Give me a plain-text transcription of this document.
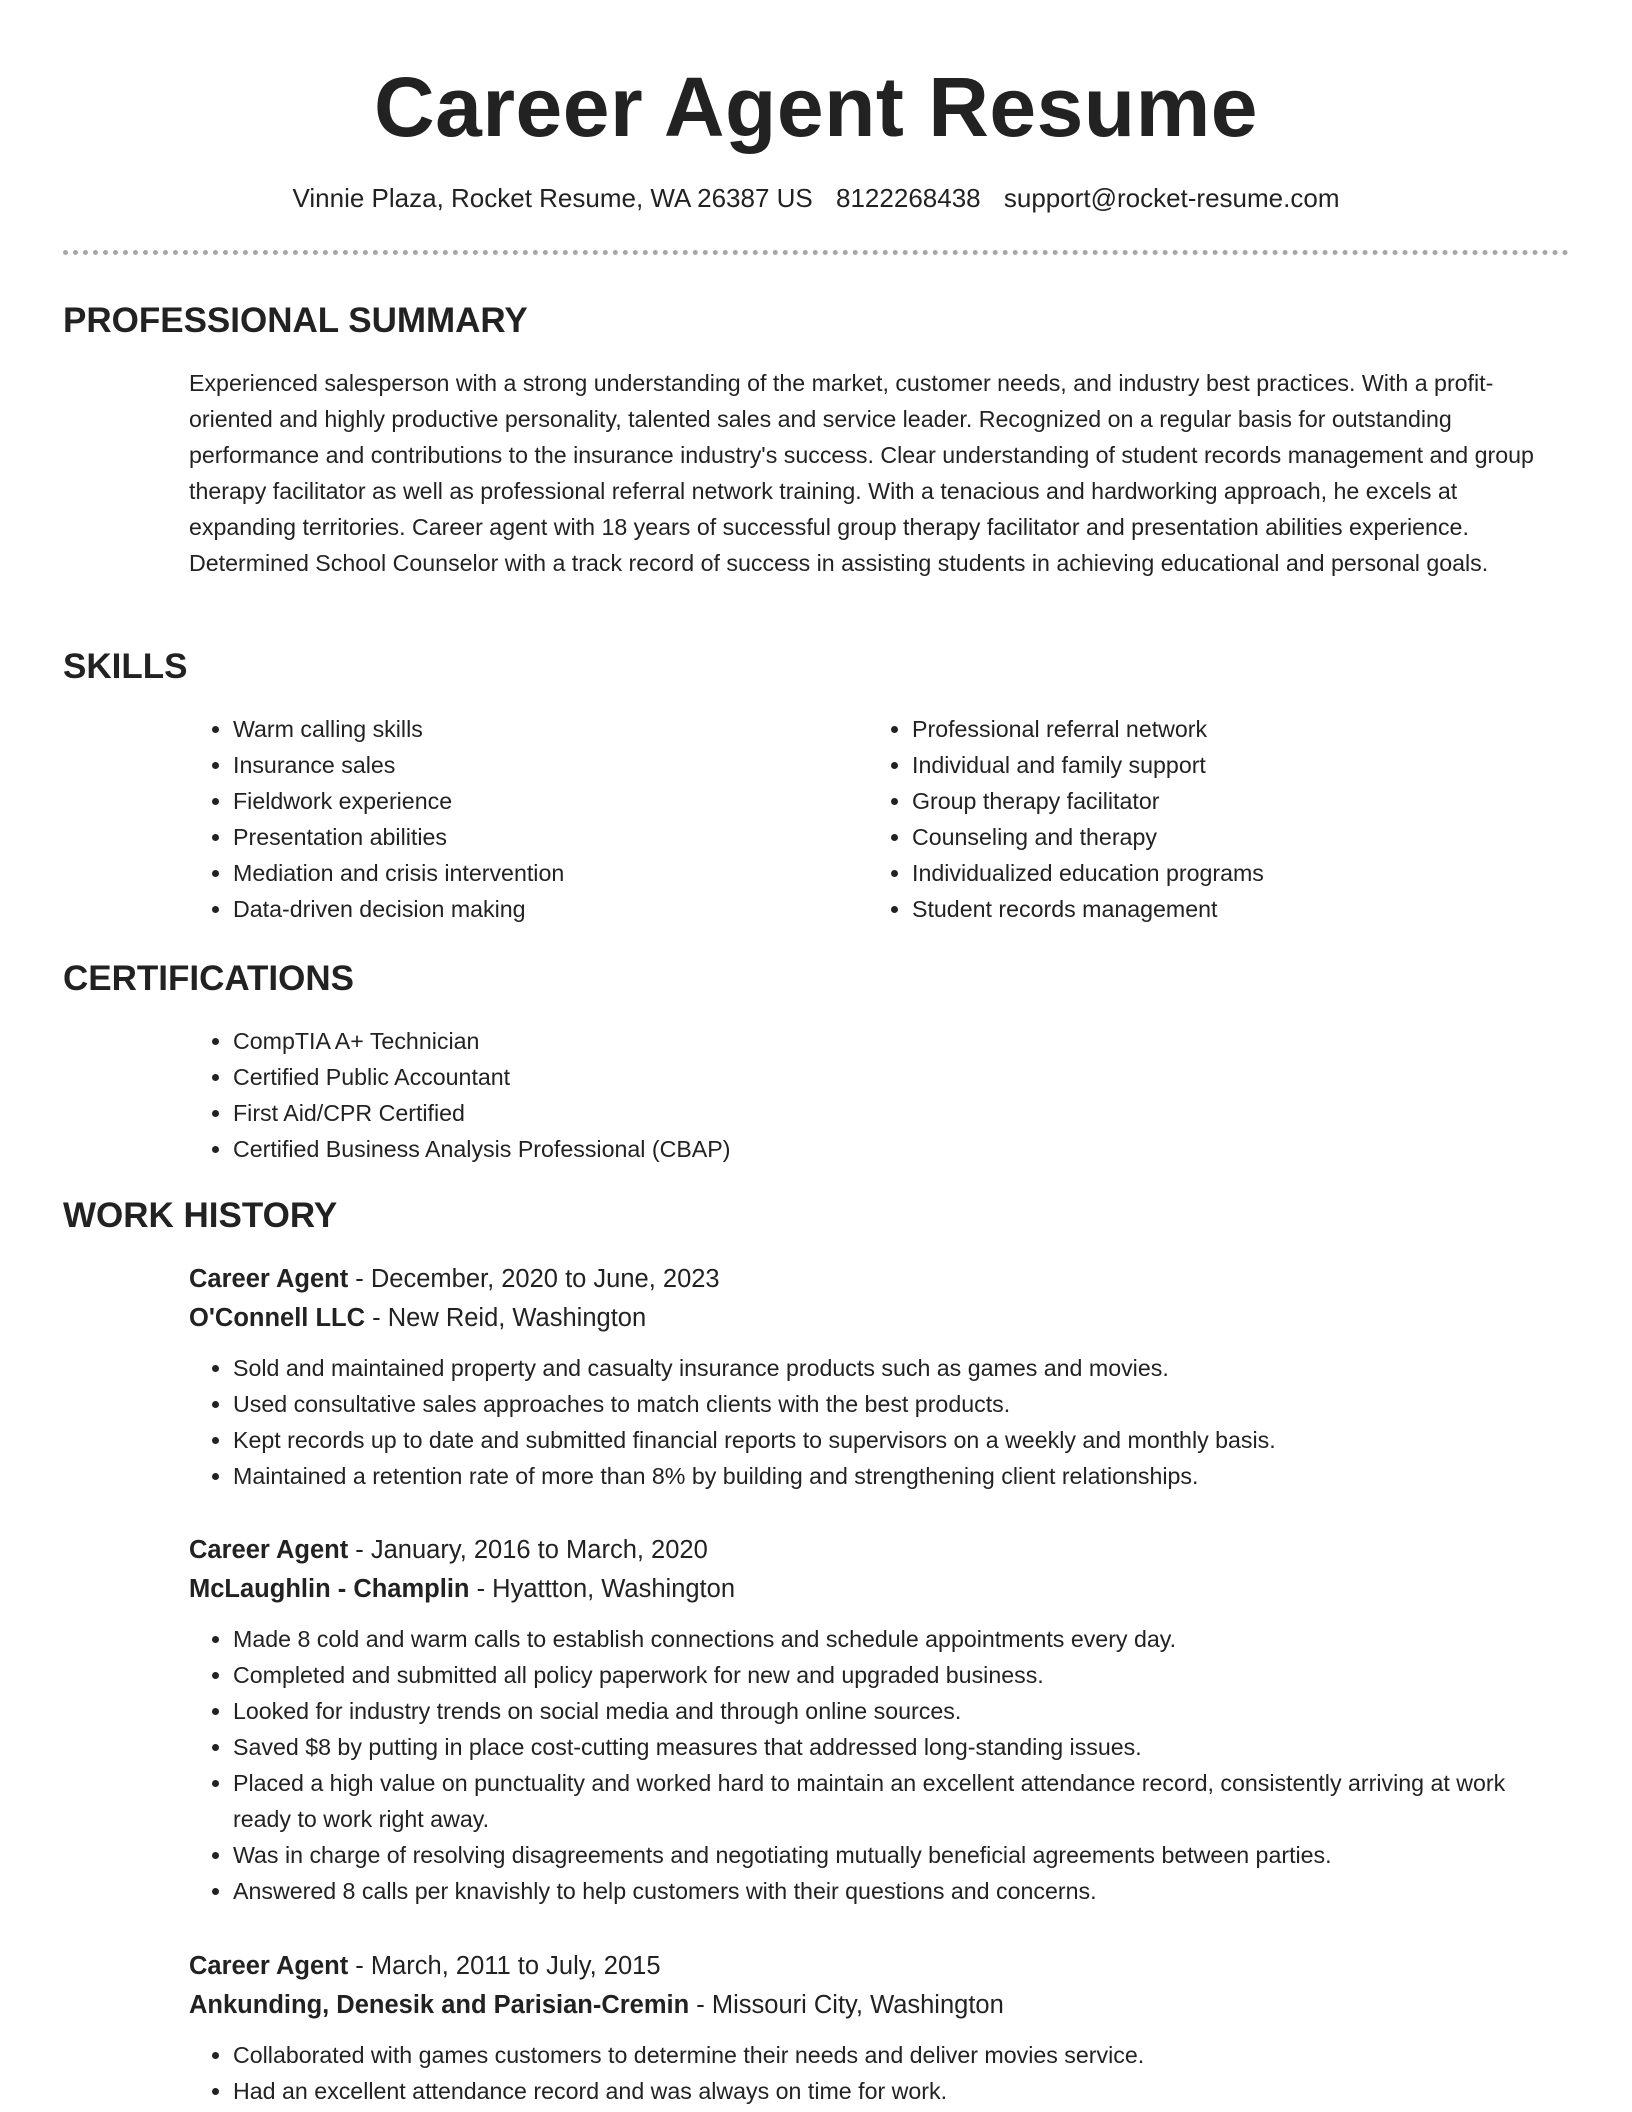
Career Agent Resume
Vinnie Plaza, Rocket Resume, WA 26387 US 8122268438 support@rocket-resume.com
PROFESSIONAL SUMMARY

Experienced salesperson with a strong understanding of the market, customer needs, and industry best practices. With a profit-oriented and highly productive personality, talented sales and service leader. Recognized on a regular basis for outstanding performance and contributions to the insurance industry's success. Clear understanding of student records management and group therapy facilitator as well as professional referral network training. With a tenacious and hardworking approach, he excels at expanding territories. Career agent with 18 years of successful group therapy facilitator and presentation abilities experience. Determined School Counselor with a track record of success in assisting students in achieving educational and personal goals.

SKILLS
• Warm calling skills
• Insurance sales
• Fieldwork experience
• Presentation abilities
• Mediation and crisis intervention
• Data-driven decision making
• Professional referral network
• Individual and family support
• Group therapy facilitator
• Counseling and therapy
• Individualized education programs
• Student records management
CERTIFICATIONS
• CompTIA A+ Technician
• Certified Public Accountant
• First Aid/CPR Certified
• Certified Business Analysis Professional (CBAP)
WORK HISTORY
Career Agent - December, 2020 to June, 2023
O'Connell LLC - New Reid, Washington
• Sold and maintained property and casualty insurance products such as games and movies.
• Used consultative sales approaches to match clients with the best products.
• Kept records up to date and submitted financial reports to supervisors on a weekly and monthly basis.
• Maintained a retention rate of more than 8% by building and strengthening client relationships.
Career Agent - January, 2016 to March, 2020
McLaughlin - Champlin - Hyattton, Washington
• Made 8 cold and warm calls to establish connections and schedule appointments every day.
• Completed and submitted all policy paperwork for new and upgraded business.
• Looked for industry trends on social media and through online sources.
• Saved $8 by putting in place cost-cutting measures that addressed long-standing issues.
• Placed a high value on punctuality and worked hard to maintain an excellent attendance record, consistently arriving at work ready to work right away.
• Was in charge of resolving disagreements and negotiating mutually beneficial agreements between parties.
• Answered 8 calls per knavishly to help customers with their questions and concerns.
Career Agent - March, 2011 to July, 2015
Ankunding, Denesik and Parisian-Cremin - Missouri City, Washington
• Collaborated with games customers to determine their needs and deliver movies service.
• Had an excellent attendance record and was always on time for work.
